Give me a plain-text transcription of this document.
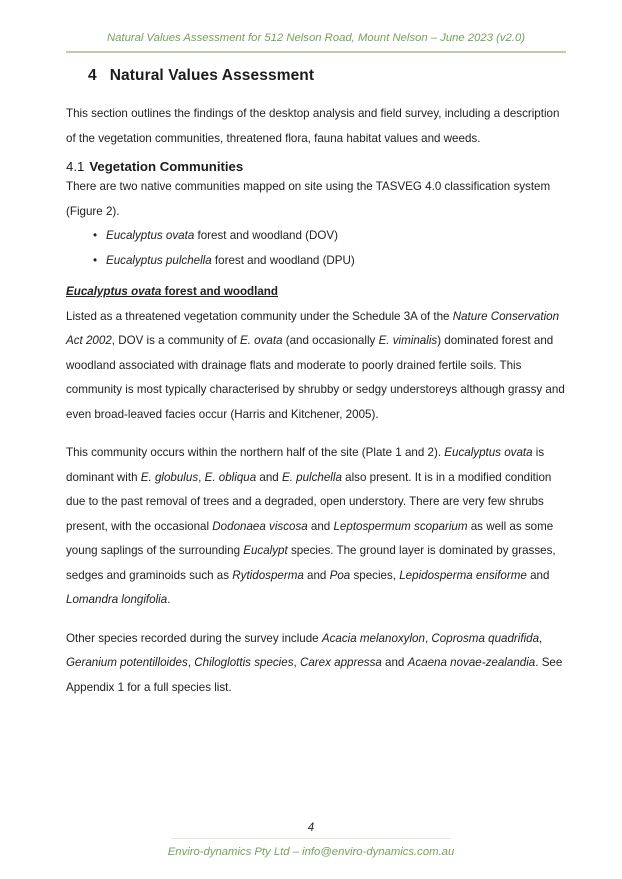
Natural Values Assessment for 512 Nelson Road, Mount Nelson – June 2023 (v2.0)
4 Natural Values Assessment

This section outlines the findings of the desktop analysis and field survey, including a description of the vegetation communities, threatened flora, fauna habitat values and weeds.

4.1 Vegetation Communities

There are two native communities mapped on site using the TASVEG 4.0 classification system (Figure 2).

• Eucalyptus ovata forest and woodland (DOV)
• Eucalyptus pulchella forest and woodland (DPU)
Eucalyptus ovata forest and woodland

Listed as a threatened vegetation community under the Schedule 3A of the Nature Conservation Act 2002, DOV is a community of E. ovata (and occasionally E. viminalis) dominated forest and woodland associated with drainage flats and moderate to poorly drained fertile soils. This community is most typically characterised by shrubby or sedgy understoreys although grassy and even broad-leaved facies occur (Harris and Kitchener, 2005).

This community occurs within the northern half of the site (Plate 1 and 2). Eucalyptus ovata is dominant with E. globulus, E. obliqua and E. pulchella also present. It is in a modified condition due to the past removal of trees and a degraded, open understory. There are very few shrubs present, with the occasional Dodonaea viscosa and Leptospermum scoparium as well as some young saplings of the surrounding Eucalypt species. The ground layer is dominated by grasses, sedges and graminoids such as Rytidosperma and Poa species, Lepidosperma ensiforme and Lomandra longifolia.

Other species recorded during the survey include Acacia melanoxylon, Coprosma quadrifida, Geranium potentilloides, Chiloglottis species, Carex appressa and Acaena novae-zealandia. See Appendix 1 for a full species list.

4
Enviro-dynamics Pty Ltd – info@enviro-dynamics.com.au
